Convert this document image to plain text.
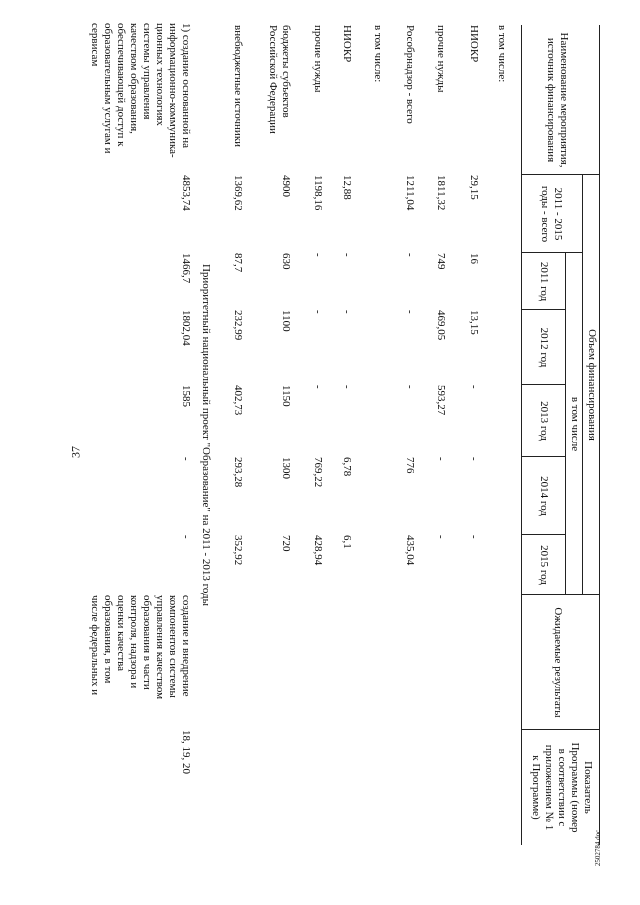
37
2502784.doc
Наименование мероприятия,
источник финансирования
Объем финансирования
в том числе
2011 - 2015
годы - всего
2011 год
2012 год
2013 год
2014 год
2015 год
Ожидаемые результаты
Показатель
Программы (номер
в соответствии с
приложением № 1
к Программе)
в том числе:
НИОКР
29,15
16
13,15
-
-
-
прочие нужды
1811,32
749
469,05
593,27
-
-
Рособрнадзор - всего
1211,04
-
-
-
776
435,04
в том числе:
НИОКР
12,88
-
-
-
6,78
6,1
прочие нужды
1198,16
-
-
-
769,22
428,94
бюджеты субъектов
Российской Федерации
4900
630
1100
1150
1300
720
внебюджетные источники
1369,62
87,7
232,99
402,73
293,28
352,92
Приоритетный национальный проект "Образование" на 2011 - 2013 годы
1) создание основанной на
информационно-коммуника-
ционных технологиях
системы управления
качеством образования,
обеспечивающей доступ к
образовательным услугам и
сервисам
4853,74
1466,7
1802,04
1585
-
-
создание и внедрение
компонентов системы
управления качеством
образования в части
контроля, надзора и
оценки качества
образования, в том
числе федеральных и
18, 19, 20
